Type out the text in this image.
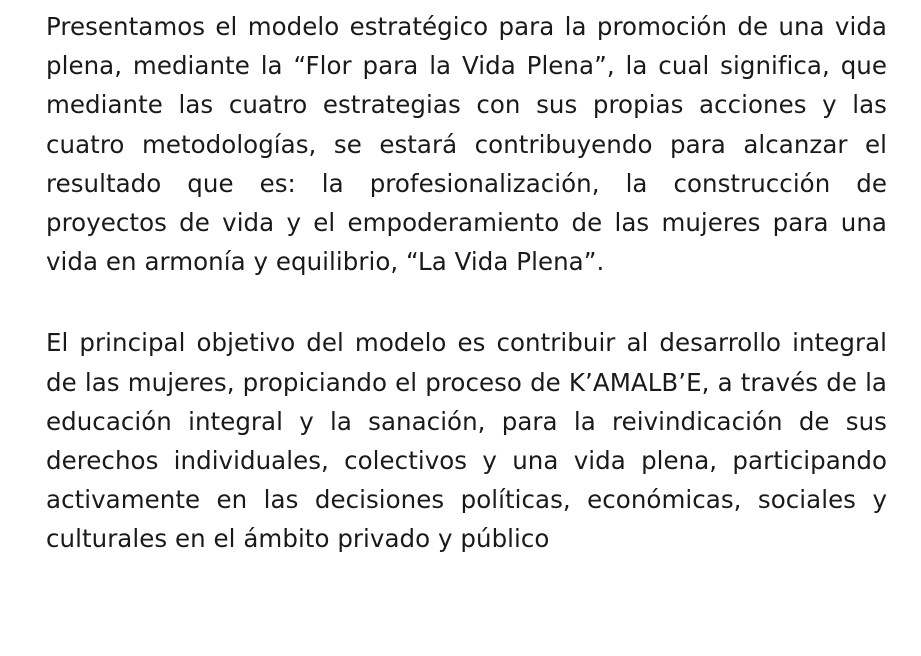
Presentamos el modelo estratégico para la promoción de una vida plena, mediante la “Flor para la Vida Plena”, la cual significa, que mediante las cuatro estrategias con sus propias acciones y las cuatro metodologías, se estará contribuyendo para alcanzar el resultado que es: la profesionalización, la construcción de proyectos de vida y el empoderamiento de las mujeres para una vida en armonía y equilibrio, “La Vida Plena”.

El principal objetivo del modelo es contribuir al desarrollo integral de las mujeres, propiciando el proceso de K’AMALB’E, a través de la educación integral y la sanación, para la reivindicación de sus derechos individuales, colectivos y una vida plena, participando activamente en las decisiones políticas, económicas, sociales y culturales en el ámbito privado y público
